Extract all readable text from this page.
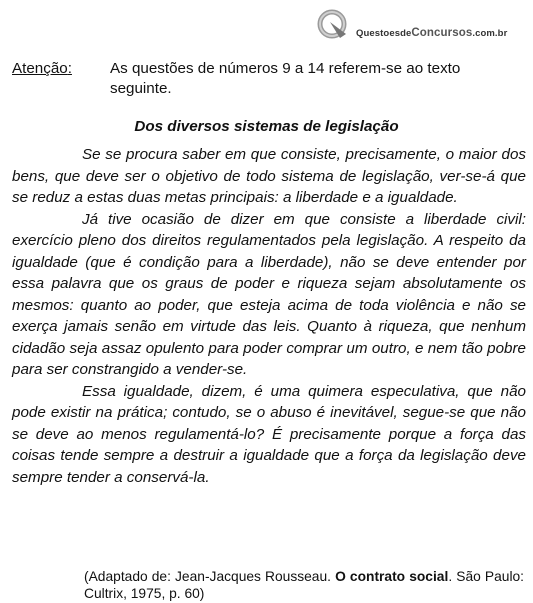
QuestoesdeConcursos.com.br
Atenção:	As questões de números 9 a 14 referem-se ao texto seguinte.
Dos diversos sistemas de legislação

Se se procura saber em que consiste, precisamente, o maior dos bens, que deve ser o objetivo de todo sistema de legislação, ver-se-á que se reduz a estas duas metas principais: a liberdade e a igualdade.

Já tive ocasião de dizer em que consiste a liberdade civil: exercício pleno dos direitos regulamentados pela legislação. A respeito da igualdade (que é condição para a liberdade), não se deve entender por essa palavra que os graus de poder e riqueza sejam absolutamente os mesmos: quanto ao poder, que esteja acima de toda violência e não se exerça jamais senão em virtude das leis. Quanto à riqueza, que nenhum cidadão seja assaz opulento para poder comprar um outro, e nem tão pobre para ser constrangido a vender-se.

Essa igualdade, dizem, é uma quimera especulativa, que não pode existir na prática; contudo, se o abuso é inevitável, segue-se que não se deve ao menos regulamentá-lo? É precisamente porque a força das coisas tende sempre a destruir a igualdade que a força da legislação deve sempre tender a conservá-la.

(Adaptado de: Jean-Jacques Rousseau. O contrato social. São Paulo: Cultrix, 1975, p. 60)
